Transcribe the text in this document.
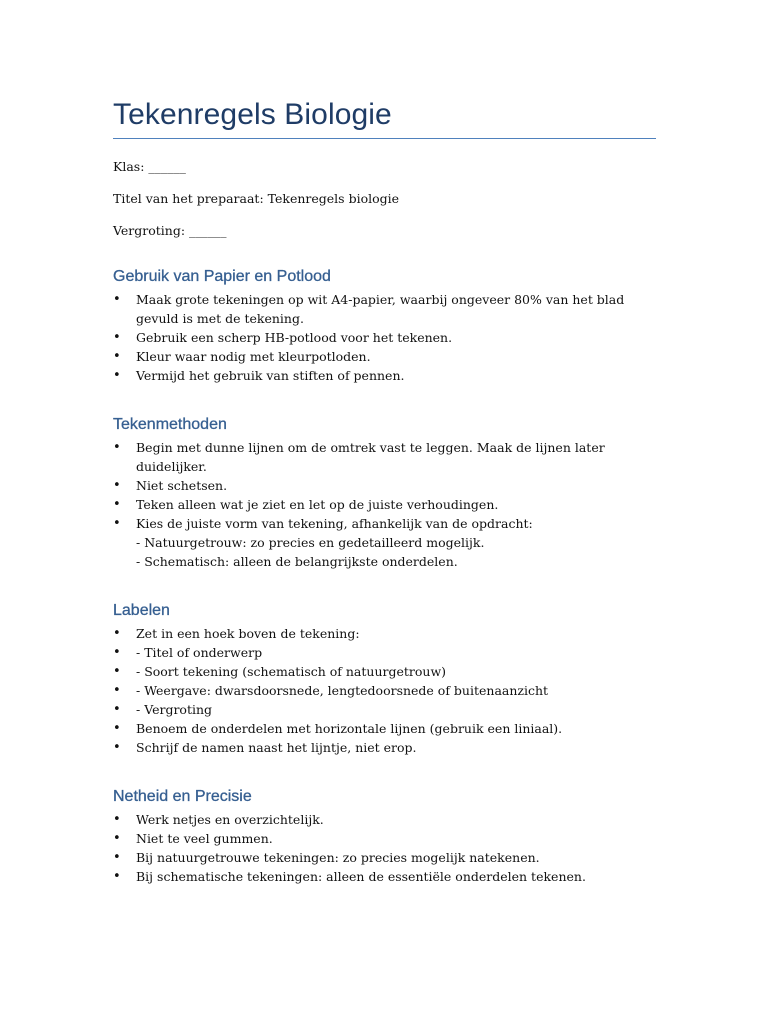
Tekenregels Biologie

Klas: ______

Titel van het preparaat: Tekenregels biologie

Vergroting: ______

Gebruik van Papier en Potlood
• Maak grote tekeningen op wit A4-papier, waarbij ongeveer 80% van het blad gevuld is met de tekening.
• Gebruik een scherp HB-potlood voor het tekenen.
• Kleur waar nodig met kleurpotloden.
• Vermijd het gebruik van stiften of pennen.
Tekenmethoden
• Begin met dunne lijnen om de omtrek vast te leggen. Maak de lijnen later duidelijker.
• Niet schetsen.
• Teken alleen wat je ziet en let op de juiste verhoudingen.
• Kies de juiste vorm van tekening, afhankelijk van de opdracht:
- Natuurgetrouw: zo precies en gedetailleerd mogelijk.
- Schematisch: alleen de belangrijkste onderdelen.
Labelen
• Zet in een hoek boven de tekening:
• - Titel of onderwerp
• - Soort tekening (schematisch of natuurgetrouw)
• - Weergave: dwarsdoorsnede, lengtedoorsnede of buitenaanzicht
• - Vergroting
• Benoem de onderdelen met horizontale lijnen (gebruik een liniaal).
• Schrijf de namen naast het lijntje, niet erop.
Netheid en Precisie
• Werk netjes en overzichtelijk.
• Niet te veel gummen.
• Bij natuurgetrouwe tekeningen: zo precies mogelijk natekenen.
• Bij schematische tekeningen: alleen de essentiële onderdelen tekenen.
